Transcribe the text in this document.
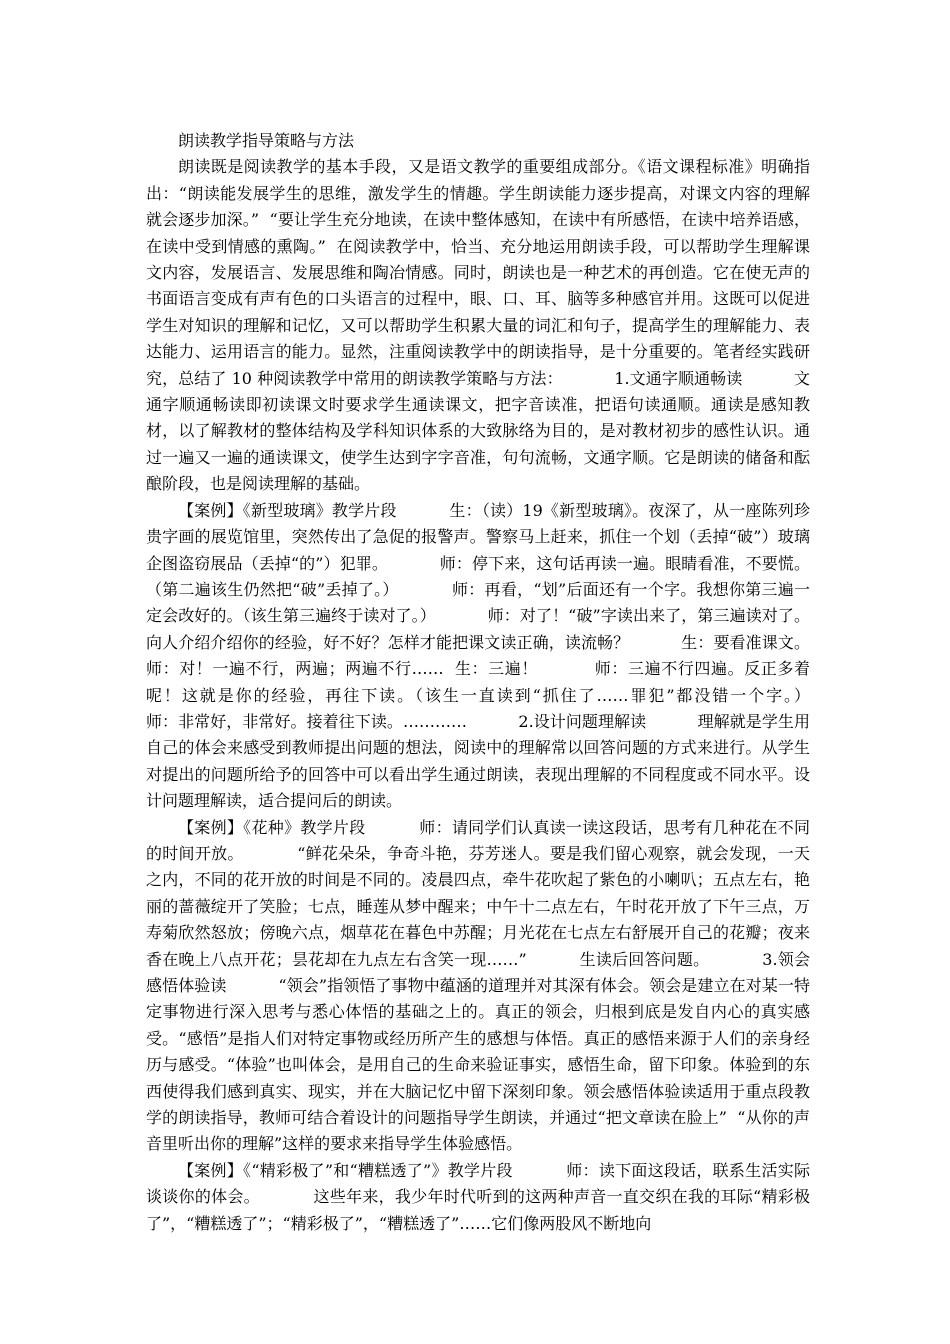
朗读教学指导策略与方法

朗读既是阅读教学的基本手段，又是语文教学的重要组成部分。《语文课程标准》明确指出：“朗读能发展学生的思维，激发学生的情趣。学生朗读能力逐步提高，对课文内容的理解就会逐步加深。”  “要让学生充分地读，在读中整体感知，在读中有所感悟，在读中培养语感，在读中受到情感的熏陶。”  在阅读教学中，恰当、充分地运用朗读手段，可以帮助学生理解课文内容，发展语言、发展思维和陶冶情感。同时，朗读也是一种艺术的再创造。它在使无声的书面语言变成有声有色的口头语言的过程中，眼、口、耳、脑等多种感官并用。这既可以促进学生对知识的理解和记忆，又可以帮助学生积累大量的词汇和句子，提高学生的理解能力、表达能力、运用语言的能力。显然，注重阅读教学中的朗读指导，是十分重要的。笔者经实践研究，总结了 10 种阅读教学中常用的朗读教学策略与方法：          1.文通字顺通畅读          文通字顺通畅读即初读课文时要求学生通读课文，把字音读准，把语句读通顺。通读是感知教材，以了解教材的整体结构及学科知识体系的大致脉络为目的，是对教材初步的感性认识。通过一遍又一遍的通读课文，使学生达到字字音准，句句流畅，文通字顺。它是朗读的储备和酝酿阶段，也是阅读理解的基础。

【案例】《新型玻璃》教学片段          生：（读）19《新型玻璃》。夜深了，从一座陈列珍贵字画的展览馆里，突然传出了急促的报警声。警察马上赶来，抓住一个划（丢掉“破”）玻璃企图盗窃展品（丢掉“的”）犯罪。          师：停下来，这句话再读一遍。眼睛看准，不要慌。（第二遍该生仍然把“破”丢掉了。）          师：再看，“划”后面还有一个字。我想你第三遍一定会改好的。（该生第三遍终于读对了。）          师：对了！“破”字读出来了，第三遍读对了。向人介绍介绍你的经验，好不好？怎样才能把课文读正确，读流畅？          生：要看准课文。          师：对！一遍不行，两遍；两遍不行……  生：三遍！          师：三遍不行四遍。反正多着呢！这就是你的经验，再往下读。（该生一直读到“抓住了……罪犯”都没错一个字。）          师：非常好，非常好。接着往下读。…………          2.设计问题理解读          理解就是学生用自己的体会来感受到教师提出问题的想法，阅读中的理解常以回答问题的方式来进行。从学生对提出的问题所给予的回答中可以看出学生通过朗读，表现出理解的不同程度或不同水平。设计问题理解读，适合提问后的朗读。

【案例】《花种》教学片段          师：请同学们认真读一读这段话，思考有几种花在不同的时间开放。          “鲜花朵朵，争奇斗艳，芬芳迷人。要是我们留心观察，就会发现，一天之内，不同的花开放的时间是不同的。凌晨四点，牵牛花吹起了紫色的小喇叭；五点左右，艳丽的蔷薇绽开了笑脸；七点，睡莲从梦中醒来；中午十二点左右，午时花开放了下午三点，万寿菊欣然怒放；傍晚六点，烟草花在暮色中苏醒；月光花在七点左右舒展开自己的花瓣；夜来香在晚上八点开花；昙花却在九点左右含笑一现……”          生读后回答问题。          3.领会感悟体验读          “领会”指领悟了事物中蕴涵的道理并对其深有体会。领会是建立在对某一特定事物进行深入思考与悉心体悟的基础之上的。真正的领会，归根到底是发自内心的真实感受。“感悟”是指人们对特定事物或经历所产生的感想与体悟。真正的感悟来源于人们的亲身经历与感受。“体验”也叫体会，是用自己的生命来验证事实，感悟生命，留下印象。体验到的东西使得我们感到真实、现实，并在大脑记忆中留下深刻印象。领会感悟体验读适用于重点段教学的朗读指导，教师可结合着设计的问题指导学生朗读，并通过“把文章读在脸上”  “从你的声音里听出你的理解”这样的要求来指导学生体验感悟。

【案例】《“精彩极了”和“糟糕透了”》教学片段          师：读下面这段话，联系生活实际谈谈你的体会。          这些年来，我少年时代听到的这两种声音一直交织在我的耳际“精彩极了”，“糟糕透了”；“精彩极了”，“糟糕透了”……它们像两股风不断地向
